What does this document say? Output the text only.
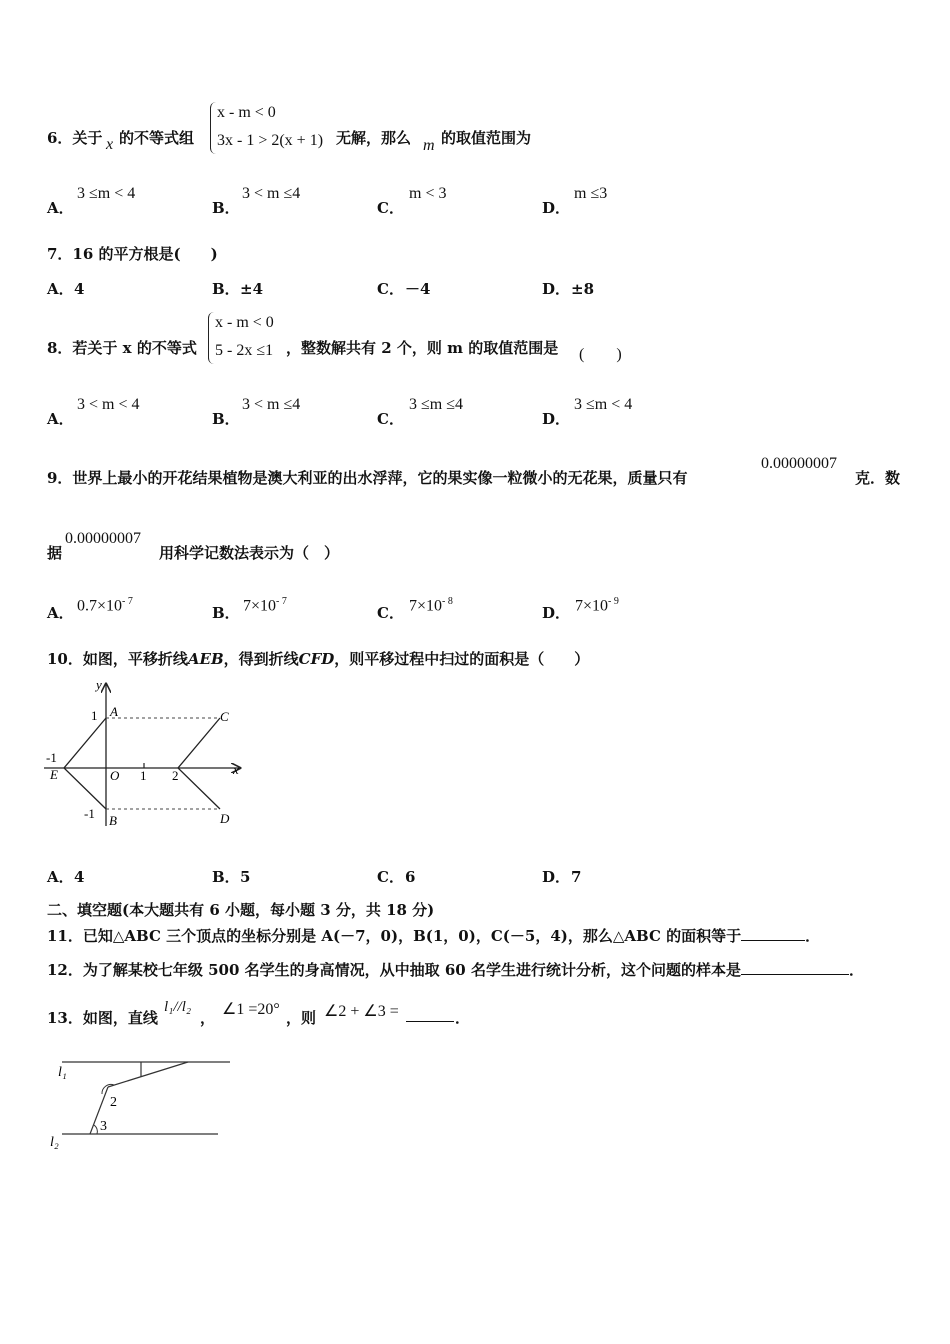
6．关于 x 的不等式组
x - m < 0
3x - 1 > 2(x + 1) 无解，那么 m 的取值范围为
A．
3 ≤m < 4
B．
3 < m ≤4
C．
m < 3
D．
m ≤3
7．16 的平方根是(　　)
A． 4	B． ±4	C． －4	D． ±8
8．若关于 x 的不等式
x - m < 0
5 - 2x ≤1 ，整数解共有 2 个，则 m 的取值范围是 (　　)
A．
3 < m < 4
B．
3 < m ≤4
C．
3 ≤m ≤4
D．
3 ≤m < 4
9．世界上最小的开花结果植物是澳大利亚的出水浮萍，它的果实像一粒微小的无花果，质量只有
0.00000007
克．数
据
0.00000007
用科学记数法表示为（　）
A． $0.7\times 10^{- 7}$
B． $7\times 10^{- 7}$
C． $7\times 10^{- 8}$
D． $7\times 10^{- 9}$
10．如图，平移折线AEB，得到折线CFD，则平移过程中扫过的面积是（　　）
y
x
1 A	C
-1
E	O 1 2
-1 B	D
A． 4	B． 5	C． 6	D． 7
二、填空题(本大题共有 6 小题，每小题 3 分，共 18 分)
11．已知△ABC 三个顶点的坐标分别是 A(－7，0)，B(1，0)，C(－5，4)，那么△ABC 的面积等于	．
12．为了解某校七年级 500 名学生的身高情况，从中抽取 60 名学生进行统计分析，这个问题的样本是	．
13．如图，直线
l₁//l₂
， ∠1 =20° ，则 ∠2 + ∠3 =	．
l₁
l₂
2
3
